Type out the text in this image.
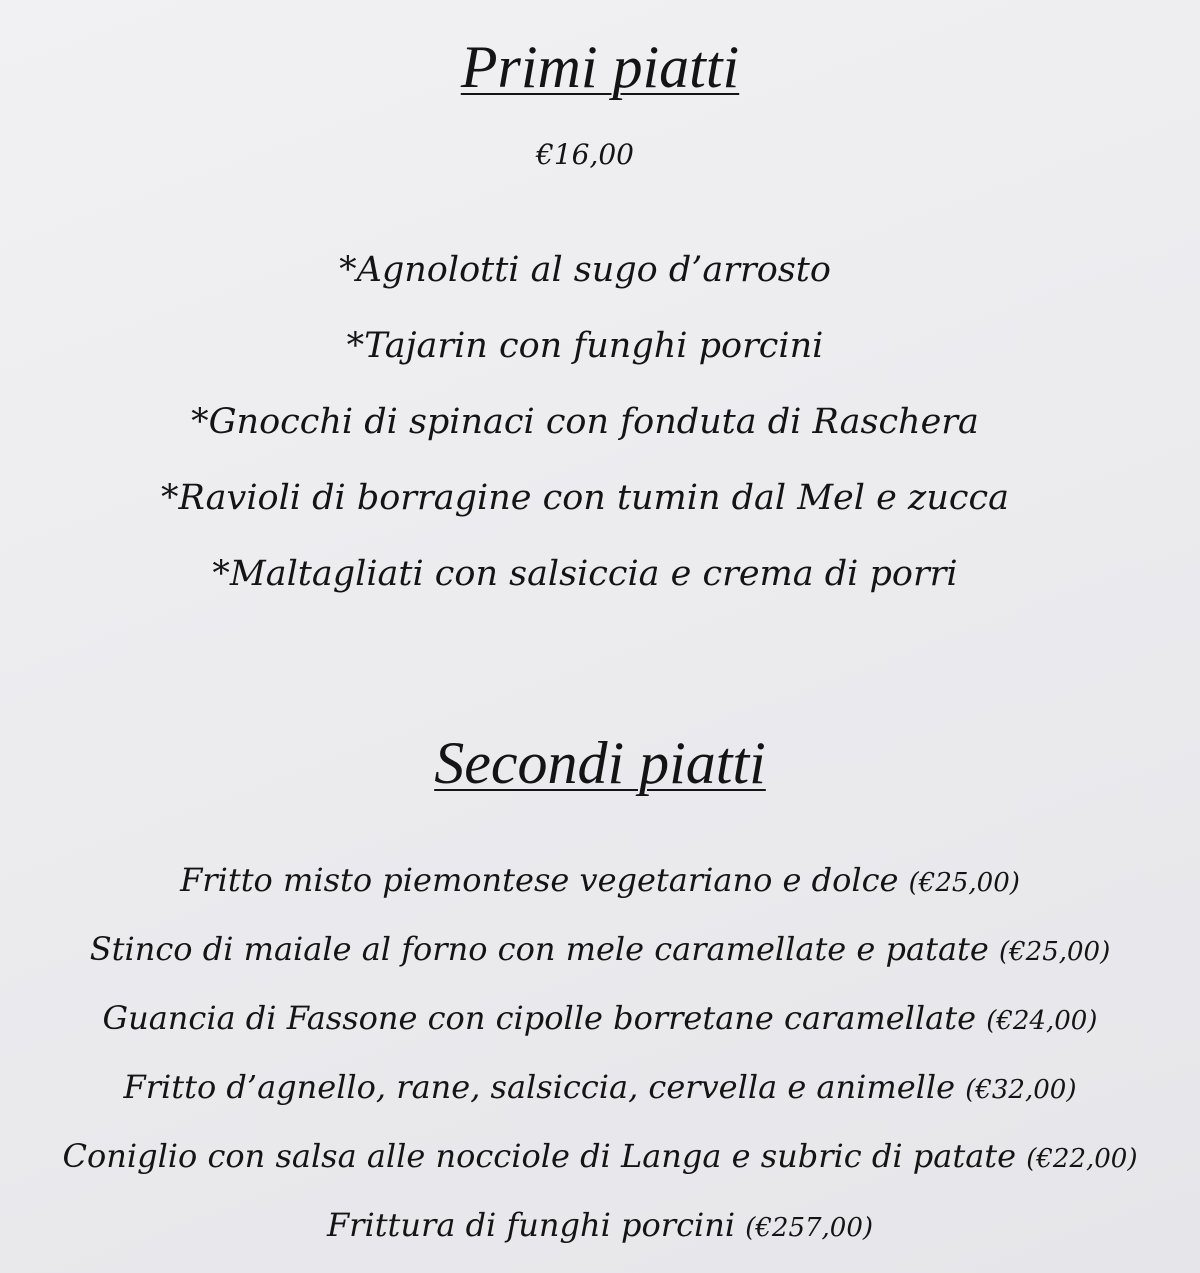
Primi piatti
€16,00
*Agnolotti al sugo d’arrosto
*Tajarin con funghi porcini
*Gnocchi di spinaci con fonduta di Raschera
*Ravioli di borragine con tumin dal Mel e zucca
*Maltagliati con salsiccia e crema di porri
Secondi piatti
Fritto misto piemontese vegetariano e dolce (€25,00)
Stinco di maiale al forno con mele caramellate e patate (€25,00)
Guancia di Fassone con cipolle borretane caramellate (€24,00)
Fritto d’agnello, rane, salsiccia, cervella e animelle (€32,00)
Coniglio con salsa alle nocciole di Langa e subric di patate (€22,00)
Frittura di funghi porcini (€257,00)
